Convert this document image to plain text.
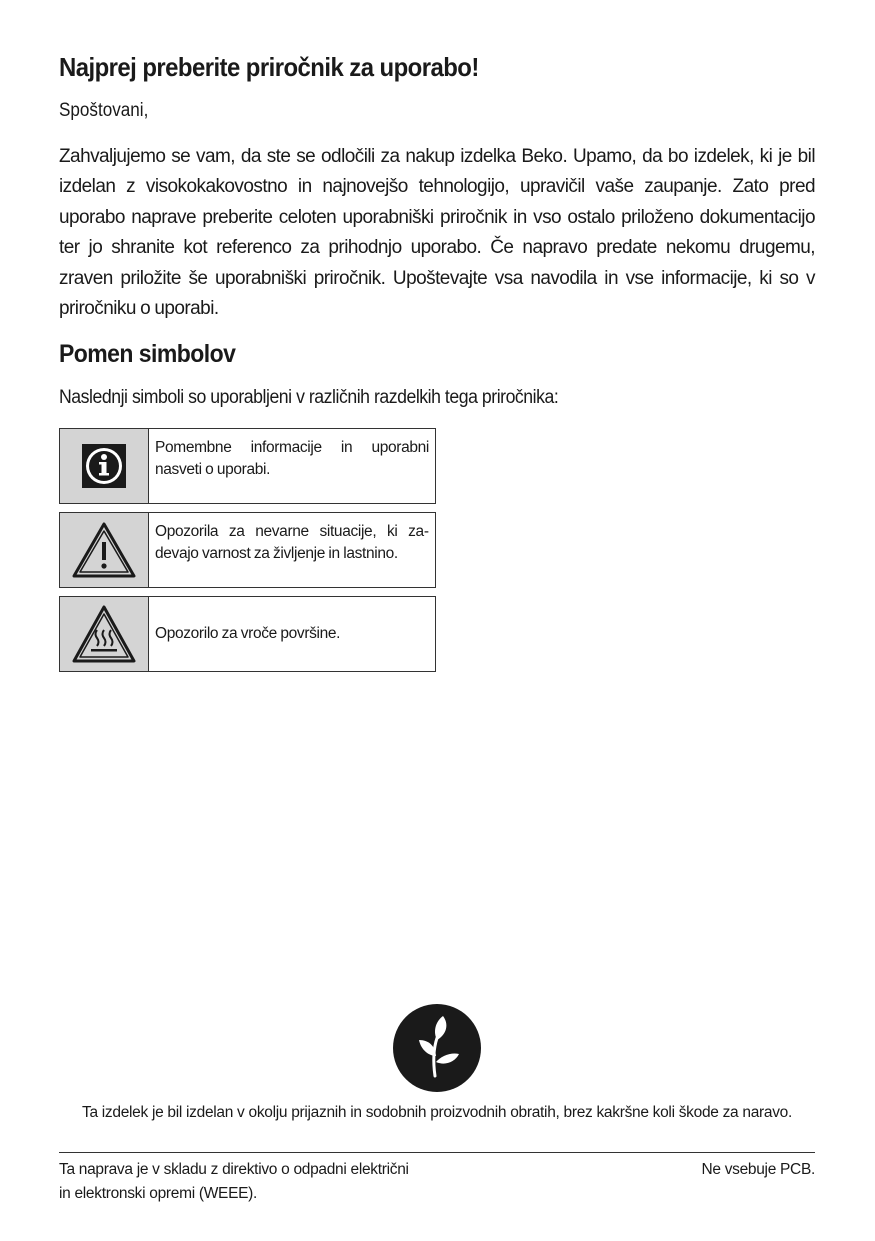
Najprej preberite priročnik za uporabo!
Spoštovani,

Zahvaljujemo se vam, da ste se odločili za nakup izdelka Beko. Upamo, da bo izdelek, ki je bil izdelan z visokokakovostno in najnovejšo tehnologijo, upravičil vaše zaupanje. Zato pred uporabo naprave preberite celoten uporabniški priročnik in vso ostalo priloženo dokumentacijo ter jo shranite kot referenco za prihodnjo uporabo. Če napravo predate nekomu drugemu, zraven priložite še uporabniški priročnik. Upoštevajte vsa navodila in vse informacije, ki so v priročniku o uporabi.

Pomen simbolov
Naslednji simboli so uporabljeni v različnih razdelkih tega priročnika:
Pomembne informacije in uporabni nasveti o uporabi.
Opozorila za nevarne situacije, ki zadevajo varnost za življenje in lastnino.
Opozorilo za vroče površine.
Ta izdelek je bil izdelan v okolju prijaznih in sodobnih proizvodnih obratih, brez kakršne koli škode za naravo.
Ta naprava je v skladu z direktivo o odpadni električni in elektronski opremi (WEEE).
Ne vsebuje PCB.
